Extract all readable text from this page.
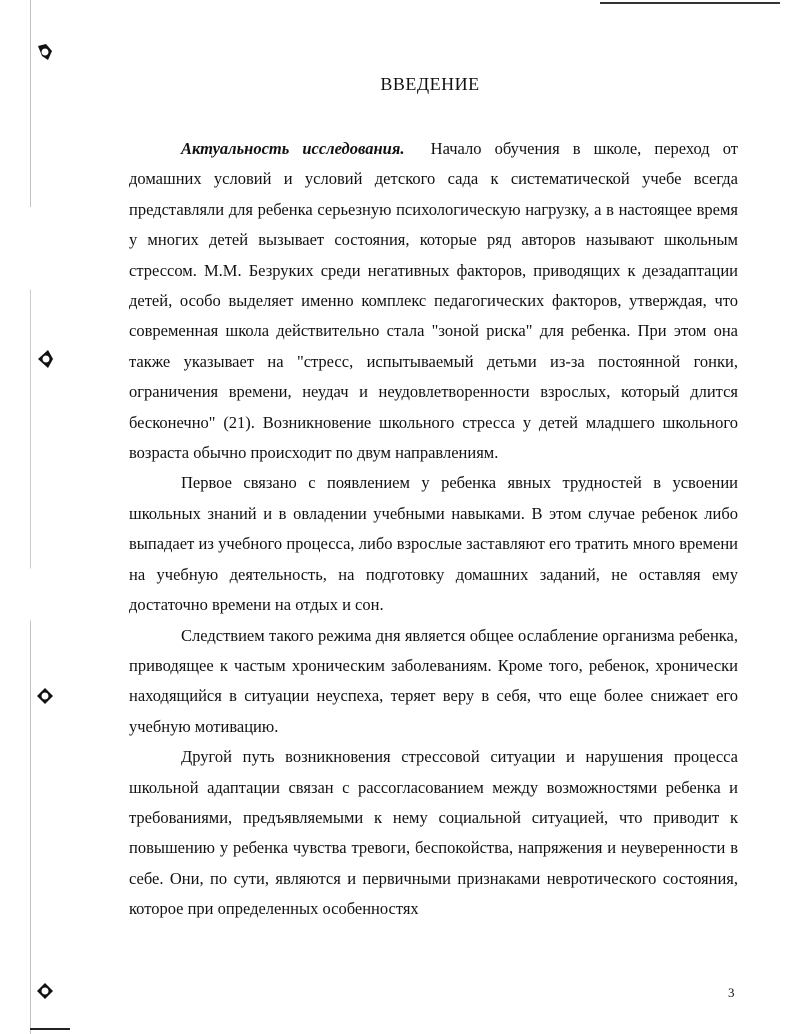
ВВЕДЕНИЕ

Актуальность исследования. Начало обучения в школе, переход от домашних условий и условий детского сада к систематической учебе всегда представляли для ребенка серьезную психологическую нагрузку, а в настоящее время у многих детей вызывает состояния, которые ряд авторов называют школьным стрессом. М.М. Безруких среди негативных факторов, приводящих к дезадаптации детей, особо выделяет именно комплекс педагогических факторов, утверждая, что современная школа действительно стала "зоной риска" для ребенка. При этом она также указывает на "стресс, испытываемый детьми из-за постоянной гонки, ограничения времени, неудач и неудовлетворенности взрослых, который длится бесконечно" (21). Возникновение школьного стресса у детей младшего школьного возраста обычно происходит по двум направлениям.

Первое связано с появлением у ребенка явных трудностей в усвоении школьных знаний и в овладении учебными навыками. В этом случае ребенок либо выпадает из учебного процесса, либо взрослые заставляют его тратить много времени на учебную деятельность, на подготовку домашних заданий, не оставляя ему достаточно времени на отдых и сон.

Следствием такого режима дня является общее ослабление организма ребенка, приводящее к частым хроническим заболеваниям. Кроме того, ребенок, хронически находящийся в ситуации неуспеха, теряет веру в себя, что еще более снижает его учебную мотивацию.

Другой путь возникновения стрессовой ситуации и нарушения процесса школьной адаптации связан с рассогласованием между возможностями ребенка и требованиями, предъявляемыми к нему социальной ситуацией, что приводит к повышению у ребенка чувства тревоги, беспокойства, напряжения и неуверенности в себе. Они, по сути, являются и первичными признаками невротического состояния, которое при определенных особенностях

3
